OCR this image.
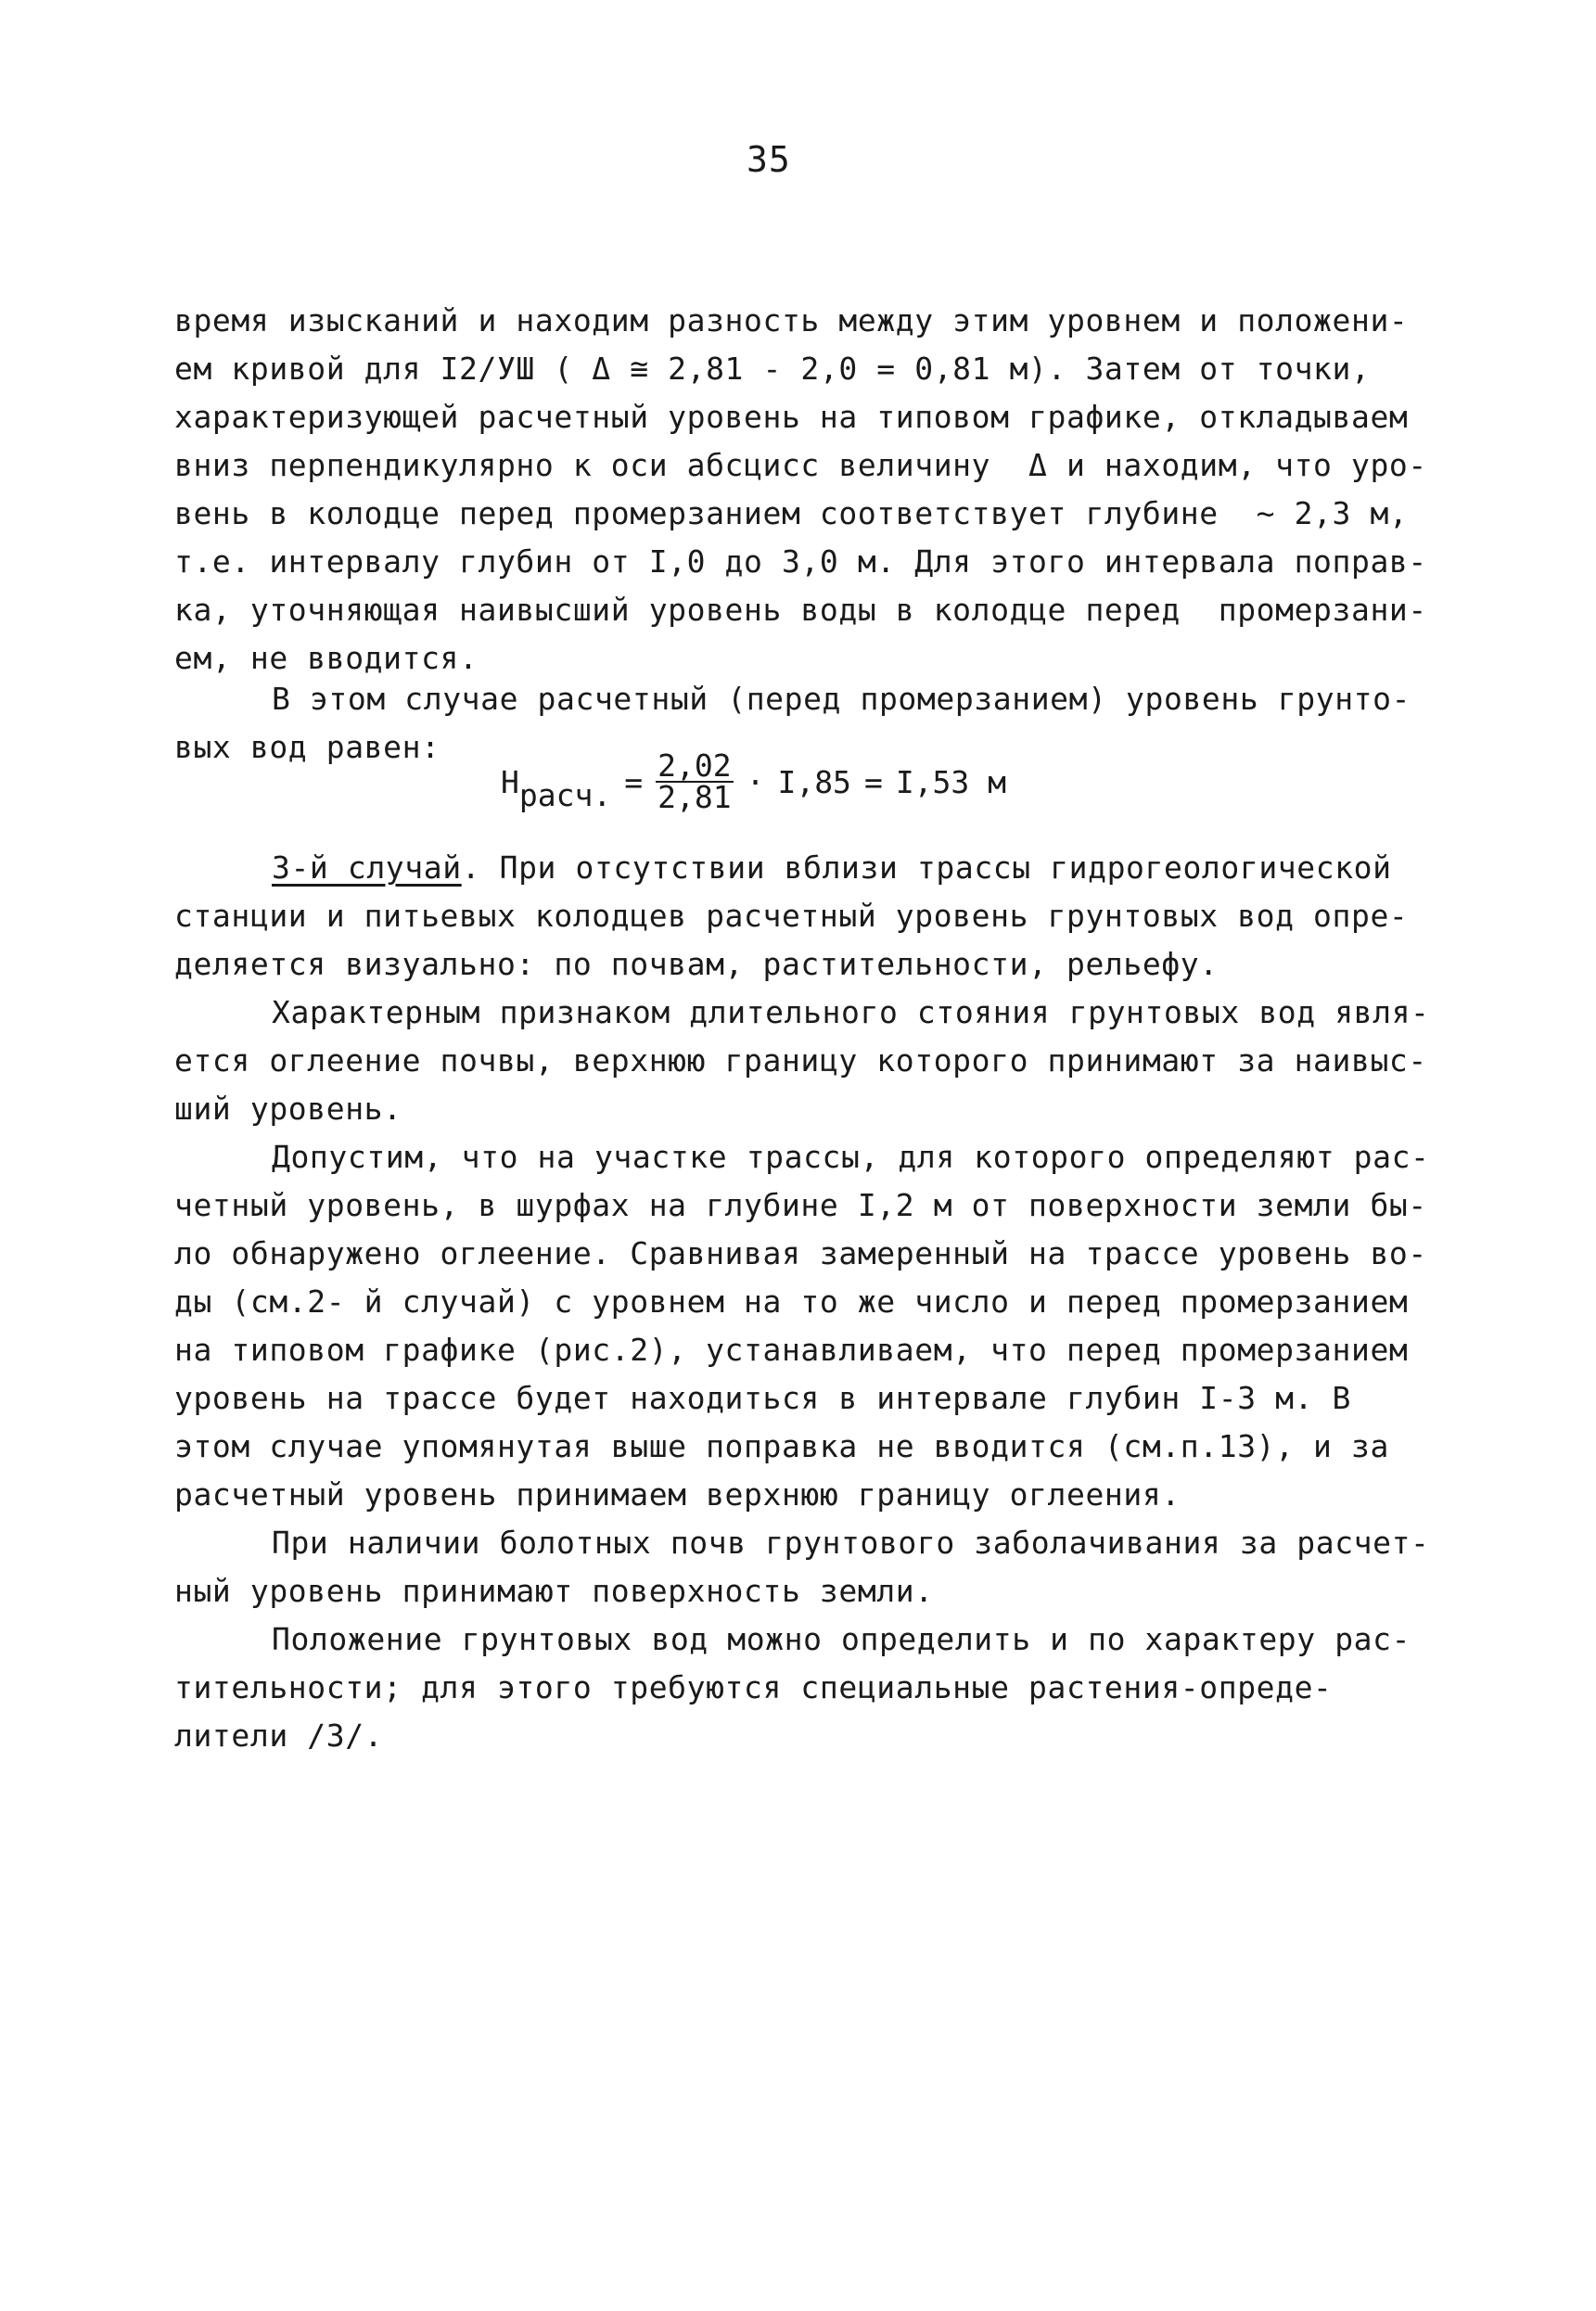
35
время изысканий и находим разность между этим уровнем и положени-
ем кривой для I2/УШ ( Δ ≅ 2,81 - 2,0 = 0,81 м). Затем от точки,
характеризующей расчетный уровень на типовом графике, откладываем
вниз перпендикулярно к оси абсцисс величину  Δ и находим, что уро-
вень в колодце перед промерзанием соответствует глубине  ~ 2,3 м,
т.е. интервалу глубин от I,0 до 3,0 м. Для этого интервала поправ-
ка, уточняющая наивысший уровень воды в колодце перед  промерзани-
ем, не вводится.
В этом случае расчетный (перед промерзанием) уровень грунто-
вых вод равен:
H расч. = $\frac{2,02}{2,81} \cdot I,85 = I,53$ м
3-й случай. При отсутствии вблизи трассы гидрогеологической
станции и питьевых колодцев расчетный уровень грунтовых вод опре-
деляется визуально: по почвам, растительности, рельефу.
Характерным признаком длительного стояния грунтовых вод явля-
ется оглеение почвы, верхнюю границу которого принимают за наивыс-
ший уровень.
Допустим, что на участке трассы, для которого определяют рас-
четный уровень, в шурфах на глубине I,2 м от поверхности земли бы-
ло обнаружено оглеение. Сравнивая замеренный на трассе уровень во-
ды (см.2- й случай) с уровнем на то же число и перед промерзанием
на типовом графике (рис.2), устанавливаем, что перед промерзанием
уровень на трассе будет находиться в интервале глубин I-3 м. В
этом случае упомянутая выше поправка не вводится (см.п.13), и за
расчетный уровень принимаем верхнюю границу оглеения.
При наличии болотных почв грунтового заболачивания за расчет-
ный уровень принимают поверхность земли.
Положение грунтовых вод можно определить и по характеру рас-
тительности; для этого требуются специальные растения-опреде-
лители /3/.
